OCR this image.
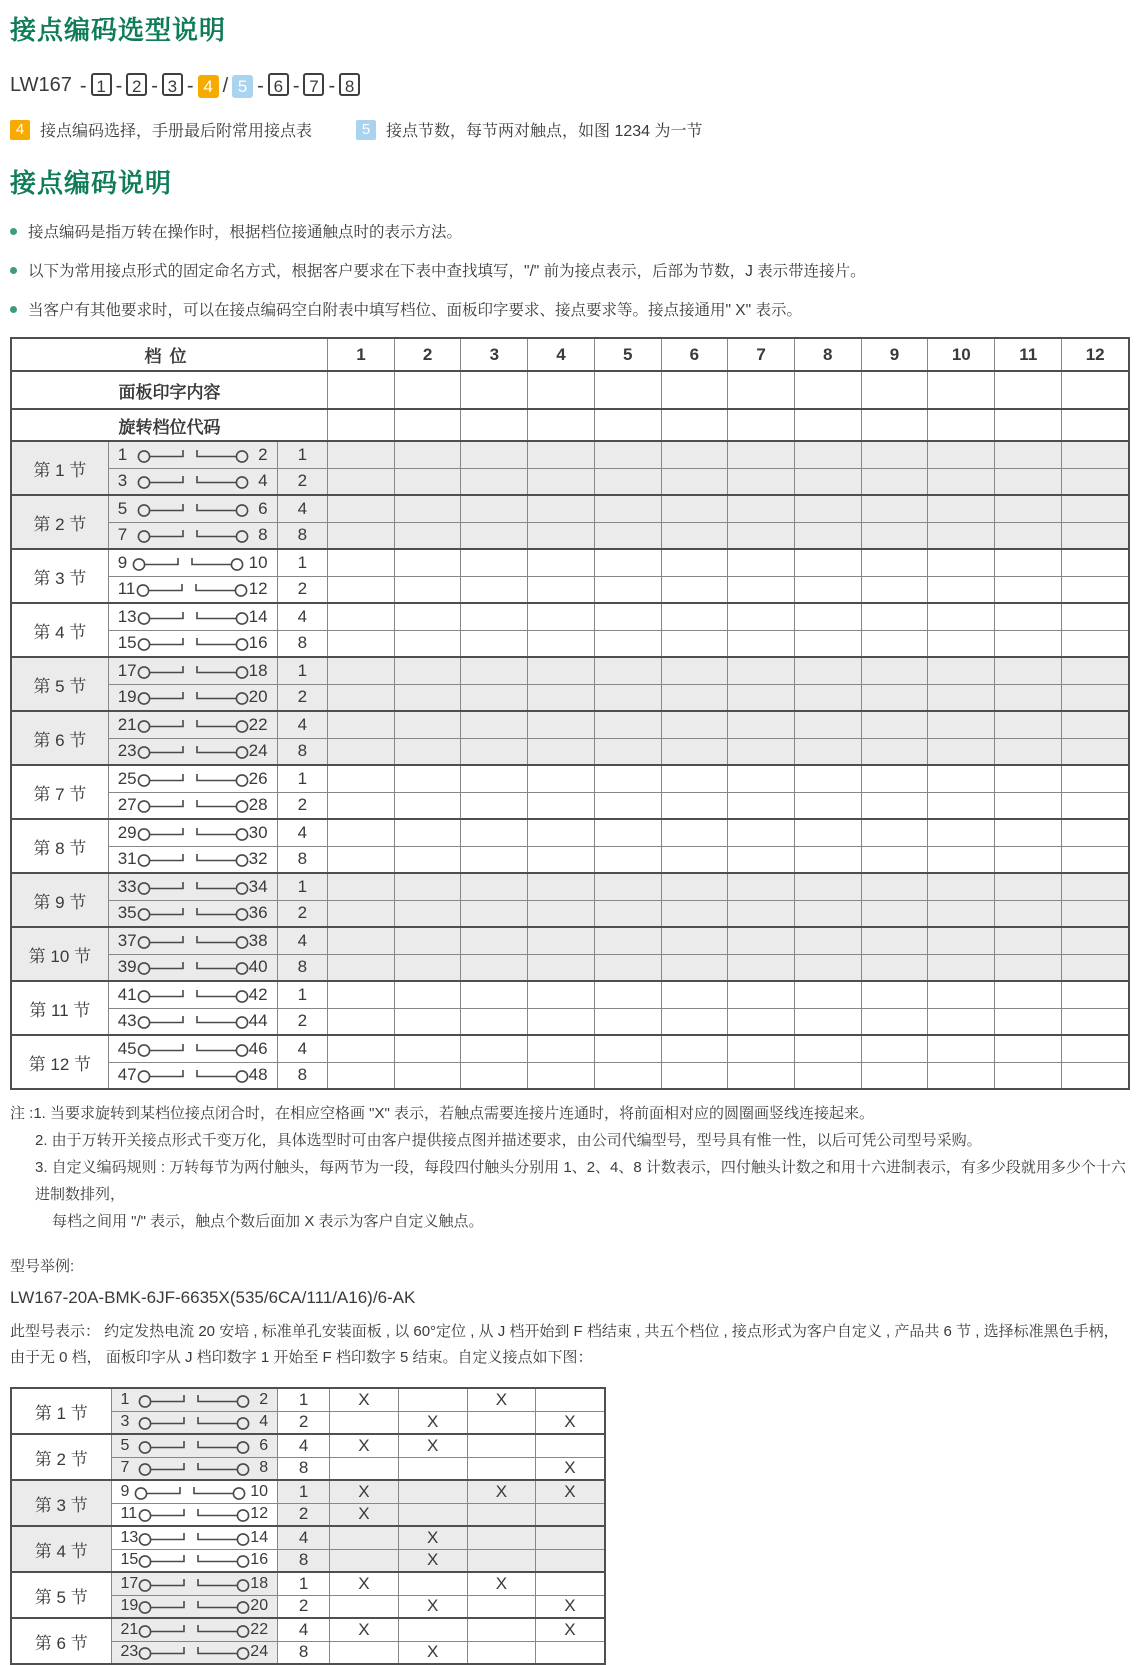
接点编码选型说明
LW167 - 1 - 2 - 3 - 4 / 5 - 6 - 7 - 8
4 接点编码选择，手册最后附常用接点表	5 接点节数，每节两对触点，如图 1234 为一节
接点编码说明
接点编码是指万转在操作时，根据档位接通触点时的表示方法。
以下为常用接点形式的固定命名方式，根据客户要求在下表中查找填写，"/" 前为接点表示，后部为节数，J 表示带连接片。
当客户有其他要求时，可以在接点编码空白附表中填写档位、面板印字要求、接点要求等。接点接通用" X" 表示。
档位			1	2	3	4	5	6	7	8	9	10	11	12
面板印字内容														
旋转档位代码														
第 1 节	1 2	1												

	3 4	2												
第 2 节	5 6	4												

	7 8	8												
第 3 节	9 10	1												

	11 12	2												
第 4 节	13 14	4												

	15 16	8												
第 5 节	17 18	1												

	19 20	2												
第 6 节	21 22	4												

	23 24	8												
第 7 节	25 26	1												

	27 28	2												
第 8 节	29 30	4												

	31 32	8												
第 9 节	33 34	1												

	35 36	2												
第 10 节	37 38	4												

	39 40	8												
第 11 节	41 42	1												

	43 44	2												
第 12 节	45 46	4												

	47 48	8												
注 :1. 当要求旋转到某档位接点闭合时，在相应空格画 "X" 表示，若触点需要连接片连通时，将前面相对应的圆圈画竖线连接起来。
2. 由于万转开关接点形式千变万化，具体选型时可由客户提供接点图并描述要求，由公司代编型号，型号具有惟一性，以后可凭公司型号采购。
3. 自定义编码规则 : 万转每节为两付触头，每两节为一段，每段四付触头分别用 1、2、4、8 计数表示，四付触头计数之和用十六进制表示，有多少段就用多少个十六进制数排列，
每档之间用 "/" 表示，触点个数后面加 X 表示为客户自定义触点。
型号举例:
LW167-20A-BMK-6JF-6635X(535/6CA/111/A16)/6-AK
此型号表示： 约定发热电流 20 安培 , 标准单孔安装面板 , 以 60°定位 , 从 J 档开始到 F 档结束 , 共五个档位 , 接点形式为客户自定义 , 产品共 6 节 , 选择标准黑色手柄， 由于无 0 档， 面板印字从 J 档印数字 1 开始至 F 档印数字 5 结束。自定义接点如下图：
第 1 节	1 2	1	X		X	

	3 4	2		X		X
第 2 节	5 6	4	X	X		

	7 8	8				X
第 3 节	9 10	1	X		X	X

	11 12	2	X			
第 4 节	13 14	4		X		

	15 16	8		X		
第 5 节	17 18	1	X		X	

	19 20	2		X		X
第 6 节	21 22	4	X			X

	23 24	8		X		
